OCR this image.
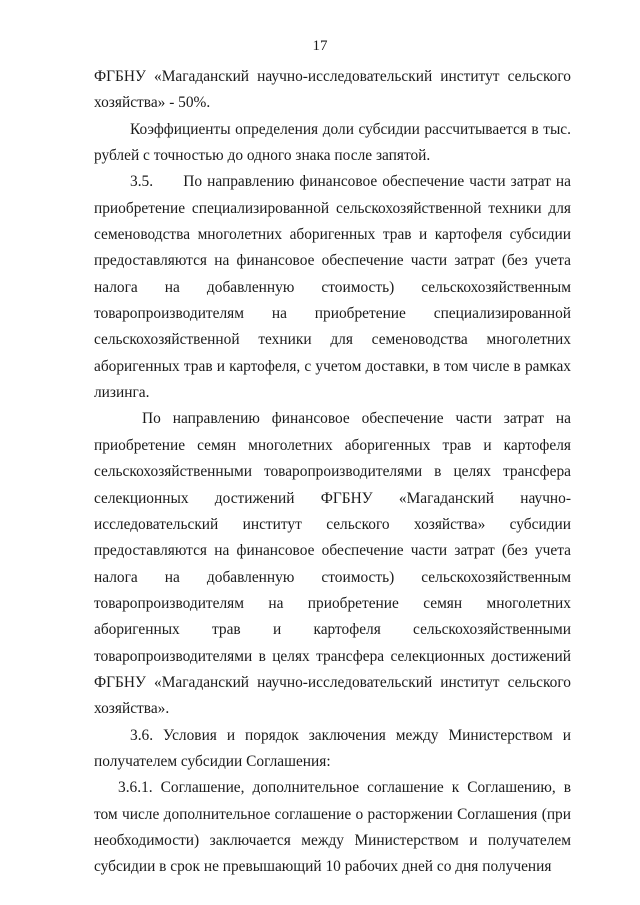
17

ФГБНУ «Магаданский научно-исследовательский институт сельского хозяйства» - 50%.

Коэффициенты определения доли субсидии рассчитывается в тыс. рублей с точностью до одного знака после запятой.

3.5.      По направлению финансовое обеспечение части затрат на приобретение специализированной сельскохозяйственной техники для семеноводства многолетних аборигенных трав и картофеля субсидии предоставляются на финансовое обеспечение части затрат (без учета налога на добавленную стоимость) сельскохозяйственным товаропроизводителям на приобретение специализированной сельскохозяйственной техники для семеноводства многолетних аборигенных трав и картофеля, с учетом доставки, в том числе в рамках лизинга.

По направлению финансовое обеспечение части затрат на приобретение семян многолетних аборигенных трав и картофеля сельскохозяйственными товаропроизводителями в целях трансфера селекционных достижений ФГБНУ «Магаданский научно-исследовательский институт сельского хозяйства» субсидии предоставляются на финансовое обеспечение части затрат (без учета налога на добавленную стоимость) сельскохозяйственным товаропроизводителям на приобретение семян многолетних аборигенных трав и картофеля сельскохозяйственными товаропроизводителями в целях трансфера селекционных достижений ФГБНУ «Магаданский научно-исследовательский институт сельского хозяйства».

3.6. Условия и порядок заключения между Министерством и получателем субсидии Соглашения:

3.6.1. Соглашение, дополнительное соглашение к Соглашению, в том числе дополнительное соглашение о расторжении Соглашения (при необходимости) заключается между Министерством и получателем субсидии в срок не превышающий 10 рабочих дней со дня получения
